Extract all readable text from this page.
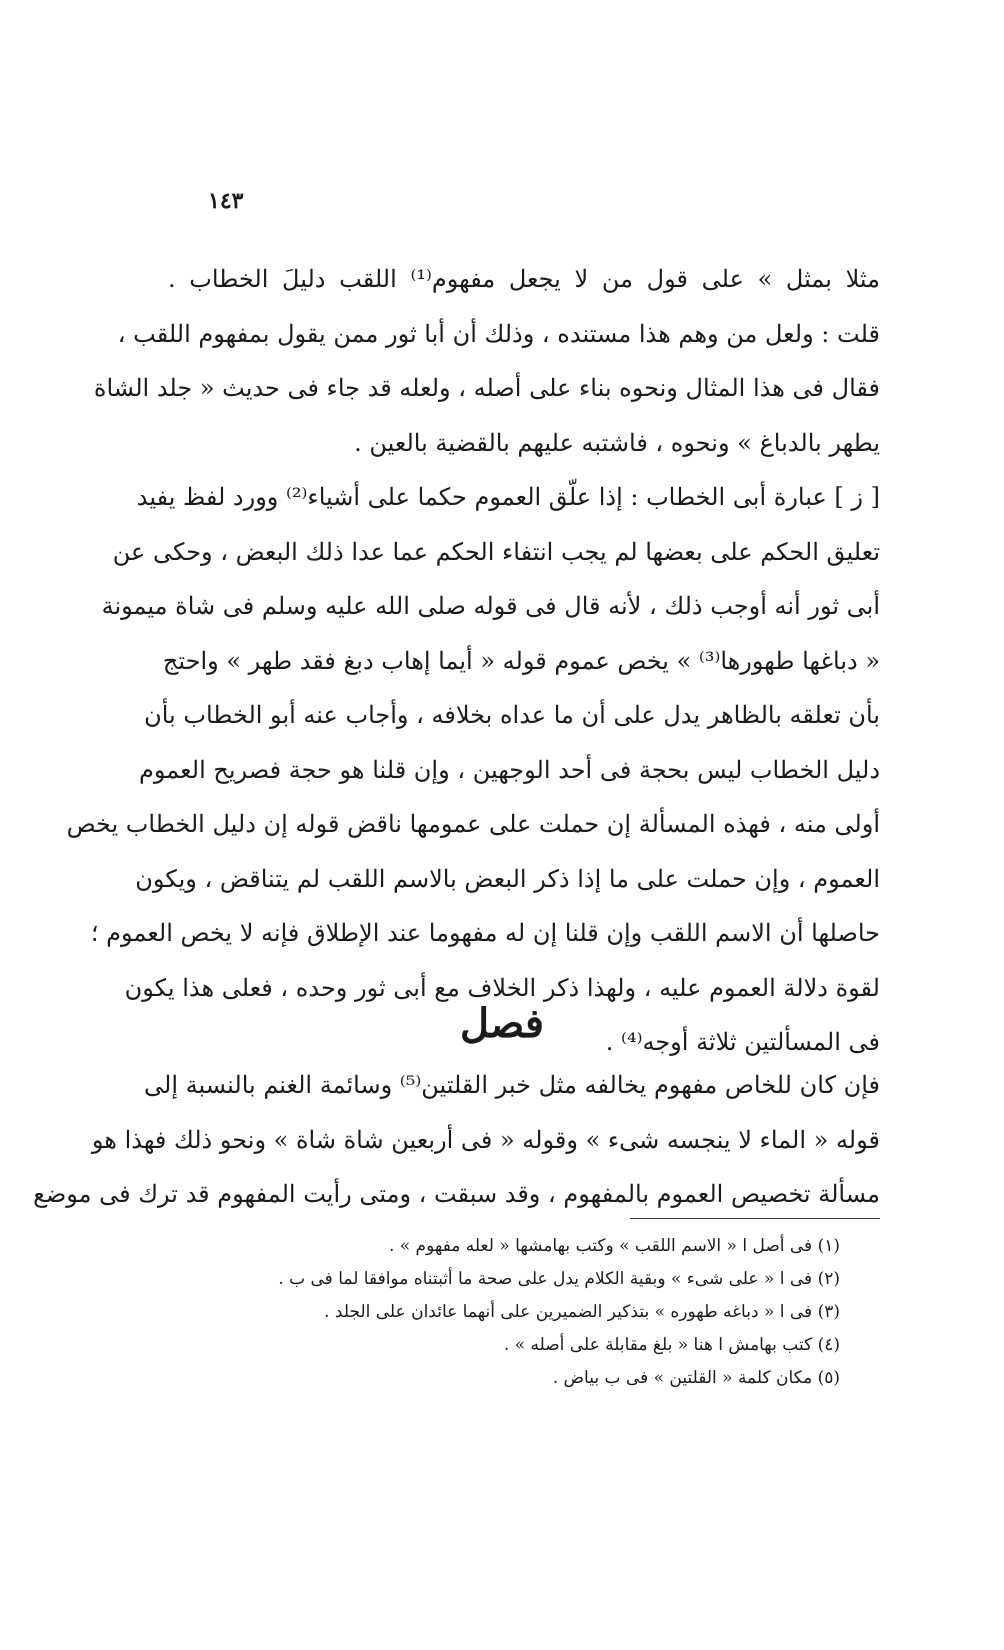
١٤٣
مثلا بمثل » على قول من لا يجعل مفهوم⁽¹⁾ اللقب دليلَ الخطاب .
قلت : ولعل من وهم هذا مستنده ، وذلك أن أبا ثور ممن يقول بمفهوم اللقب ،
فقال فى هذا المثال ونحوه بناء على أصله ، ولعله قد جاء فى حديث « جلد الشاة
يطهر بالدباغ » ونحوه ، فاشتبه عليهم بالقضية بالعين .
[ ز ] عبارة أبى الخطاب : إذا علّق العموم حكما على أشياء⁽²⁾ وورد لفظ يفيد
تعليق الحكم على بعضها لم يجب انتفاء الحكم عما عدا ذلك البعض ، وحكى عن
أبى ثور أنه أوجب ذلك ، لأنه قال فى قوله صلى الله عليه وسلم فى شاة ميمونة
« دباغها طهورها⁽³⁾ » يخص عموم قوله « أيما إهاب دبغ فقد طهر » واحتج
بأن تعلقه بالظاهر يدل على أن ما عداه بخلافه ، وأجاب عنه أبو الخطاب بأن
دليل الخطاب ليس بحجة فى أحد الوجهين ، وإن قلنا هو حجة فصريح العموم
أولى منه ، فهذه المسألة إن حملت على عمومها ناقض قوله إن دليل الخطاب يخص
العموم ، وإن حملت على ما إذا ذكر البعض بالاسم اللقب لم يتناقض ، ويكون
حاصلها أن الاسم اللقب وإن قلنا إن له مفهوما عند الإطلاق فإنه لا يخص العموم ؛
لقوة دلالة العموم عليه ، ولهذا ذكر الخلاف مع أبى ثور وحده ، فعلى هذا يكون
فى المسألتين ثلاثة أوجه⁽⁴⁾ .
فصل
فإن كان للخاص مفهوم يخالفه مثل خبر القلتين⁽⁵⁾ وسائمة الغنم بالنسبة إلى
قوله « الماء لا ينجسه شىء » وقوله « فى أربعين شاة شاة » ونحو ذلك فهذا هو
مسألة تخصيص العموم بالمفهوم ، وقد سبقت ، ومتى رأيت المفهوم قد ترك فى موضع
(١) فى أصل ا « الاسم اللقب » وكتب بهامشها « لعله مفهوم » .
(٢) فى ا « على شىء » وبقية الكلام يدل على صحة ما أثبتناه موافقا لما فى ب .
(٣) فى ا « دباغه طهوره » بتذكير الضميرين على أنهما عائدان على الجلد .
(٤) كتب بهامش ا هنا « بلغ مقابلة على أصله » .
(٥) مكان كلمة « القلتين » فى ب بياض .
